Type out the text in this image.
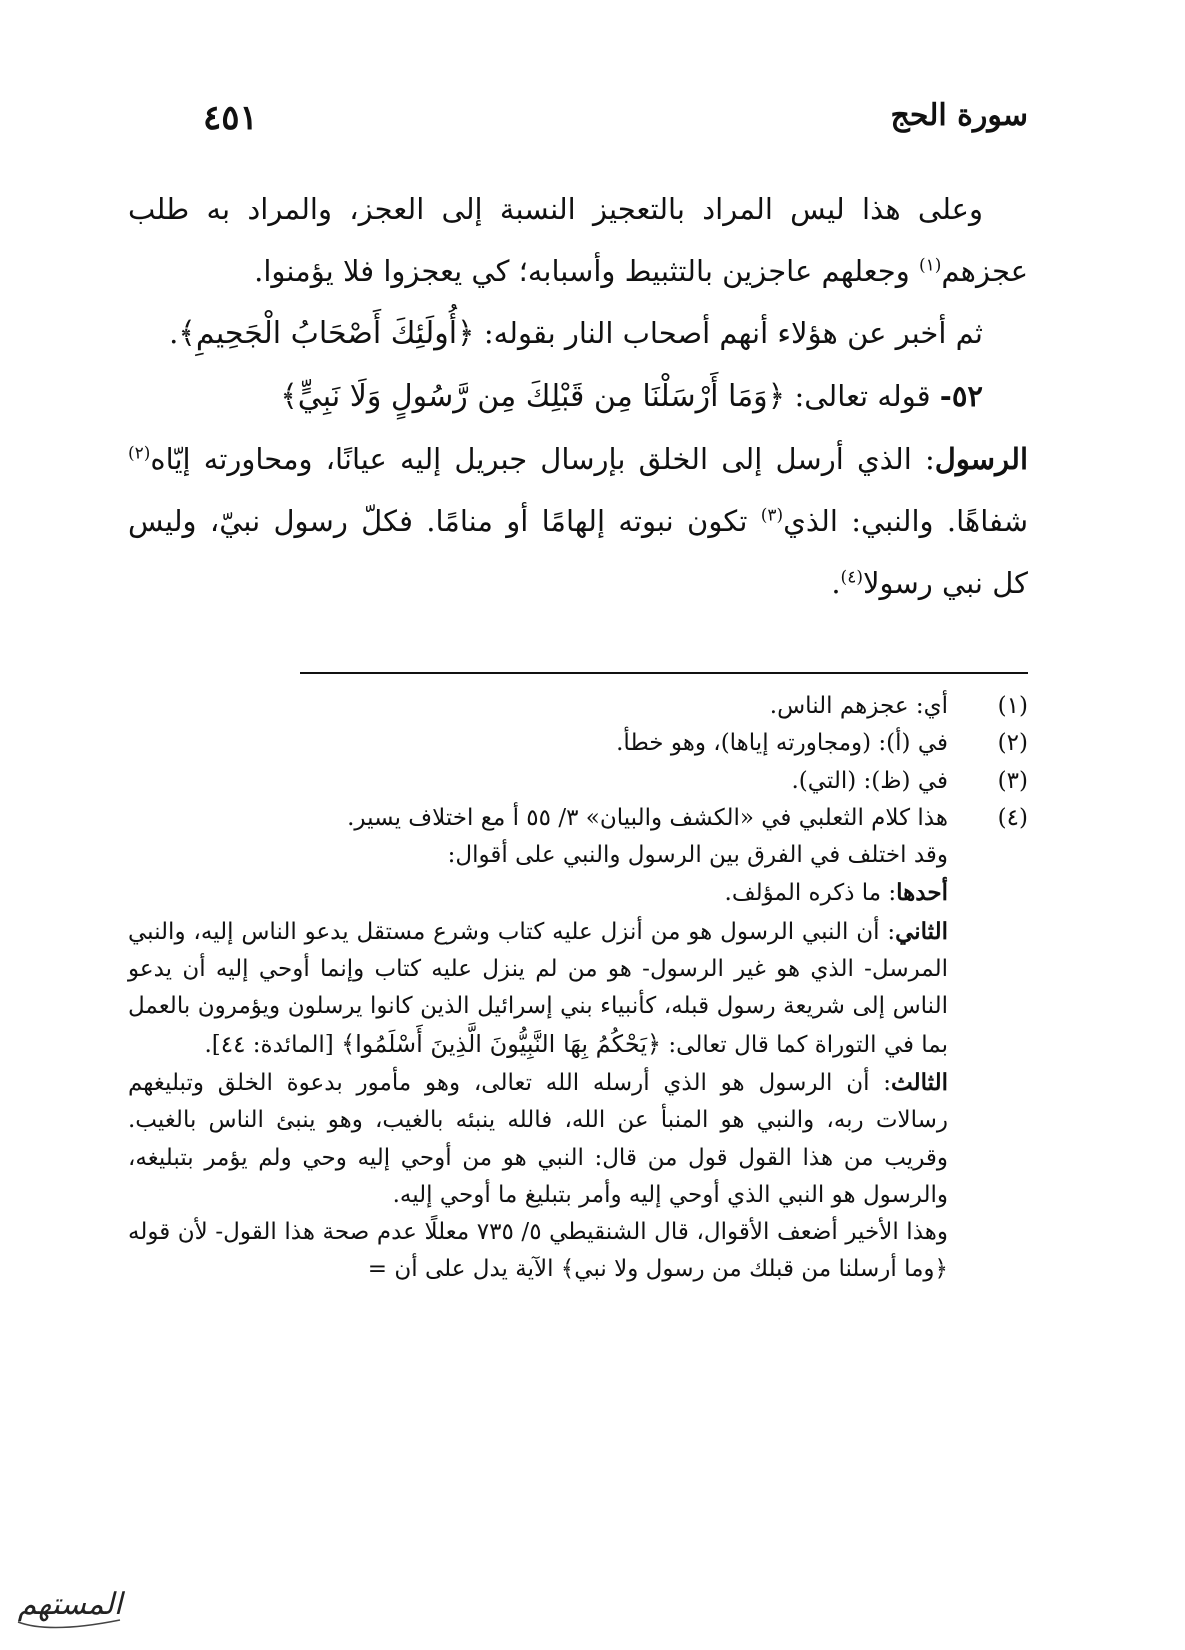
سورة الحج
٤٥١

وعلى هذا ليس المراد بالتعجيز النسبة إلى العجز، والمراد به طلب عجزهم$^{(١)}$ وجعلهم عاجزين بالتثبيط وأسبابه؛ كي يعجزوا فلا يؤمنوا.

ثم أخبر عن هؤلاء أنهم أصحاب النار بقوله: ﴿أُولَئِكَ أَصْحَابُ الْجَحِيمِ﴾.

٥٢- قوله تعالى: ﴿وَمَا أَرْسَلْنَا مِن قَبْلِكَ مِن رَّسُولٍ وَلَا نَبِيٍّ﴾

الرسول: الذي أرسل إلى الخلق بإرسال جبريل إليه عيانًا، ومحاورته إيّاه$^{(٢)}$ شفاهًا. والنبي: الذي$^{(٣)}$ تكون نبوته إلهامًا أو منامًا. فكلّ رسول نبيّ، وليس كل نبي رسولا$^{(٤)}$.

(١)أي: عجزهم الناس.

(٢)في (أ): (ومجاورته إياها)، وهو خطأ.

(٣)في (ظ): (التي).

(٤)هذا كلام الثعلبي في «الكشف والبيان» ٣/ ٥٥ أ مع اختلاف يسير.

وقد اختلف في الفرق بين الرسول والنبي على أقوال:

أحدها: ما ذكره المؤلف.

الثاني: أن النبي الرسول هو من أنزل عليه كتاب وشرع مستقل يدعو الناس إليه، والنبي المرسل- الذي هو غير الرسول- هو من لم ينزل عليه كتاب وإنما أوحي إليه أن يدعو الناس إلى شريعة رسول قبله، كأنبياء بني إسرائيل الذين كانوا يرسلون ويؤمرون بالعمل بما في التوراة كما قال تعالى: ﴿يَحْكُمُ بِهَا النَّبِيُّونَ الَّذِينَ أَسْلَمُوا﴾ [المائدة: ٤٤].

الثالث: أن الرسول هو الذي أرسله الله تعالى، وهو مأمور بدعوة الخلق وتبليغهم رسالات ربه، والنبي هو المنبأ عن الله، فالله ينبئه بالغيب، وهو ينبئ الناس بالغيب. وقريب من هذا القول قول من قال: النبي هو من أوحي إليه وحي ولم يؤمر بتبليغه، والرسول هو النبي الذي أوحي إليه وأمر بتبليغ ما أوحي إليه.

وهذا الأخير أضعف الأقوال، قال الشنقيطي ٥/ ٧٣٥ معللًا عدم صحة هذا القول- لأن قوله ﴿وما أرسلنا من قبلك من رسول ولا نبي﴾ الآية يدل على أن =

المستهم
